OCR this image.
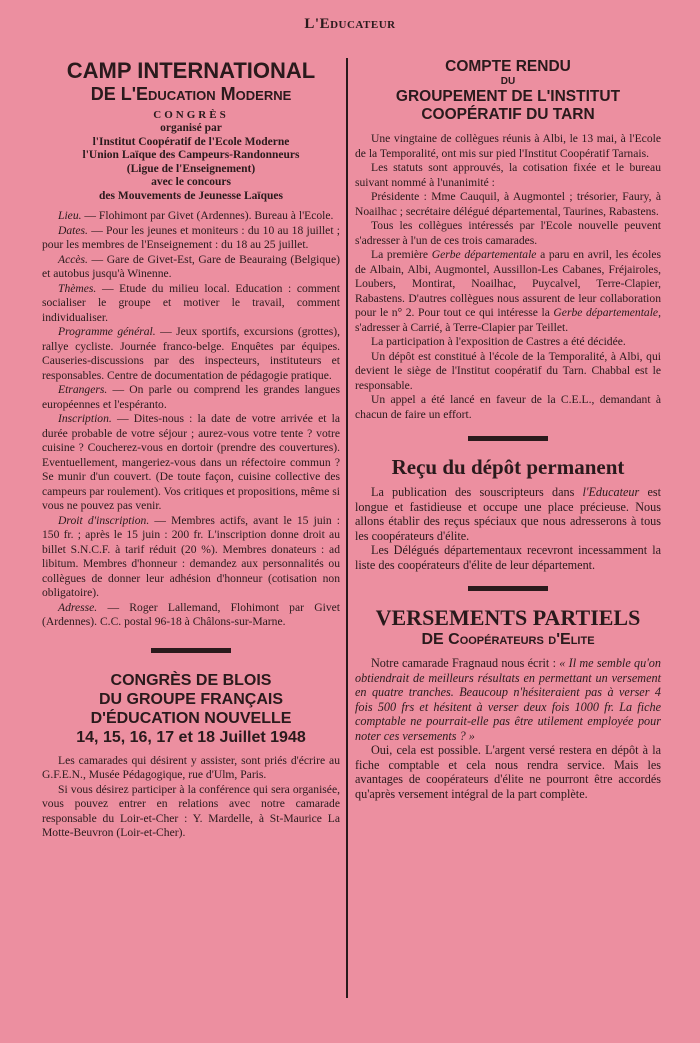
L'Educateur
CAMP INTERNATIONAL
DE L'Education Moderne
CONGRÈS
organisé par
l'Institut Coopératif de l'Ecole Moderne
l'Union Laïque des Campeurs-Randonneurs
(Ligue de l'Enseignement)
avec le concours
des Mouvements de Jeunesse Laïques

Lieu. — Flohimont par Givet (Ardennes). Bureau à l'Ecole.

Dates. — Pour les jeunes et moniteurs : du 10 au 18 juillet ; pour les membres de l'Enseignement : du 18 au 25 juillet.

Accès. — Gare de Givet-Est, Gare de Beauraing (Belgique) et autobus jusqu'à Winenne.

Thèmes. — Etude du milieu local. Education : comment socialiser le groupe et motiver le travail, comment individualiser.

Programme général. — Jeux sportifs, excursions (grottes), rallye cycliste. Journée franco-belge. Enquêtes par équipes. Causeries-discussions par des inspecteurs, instituteurs et responsables. Centre de documentation de pédagogie pratique.

Etrangers. — On parle ou comprend les grandes langues européennes et l'espéranto.

Inscription. — Dites-nous : la date de votre arrivée et la durée probable de votre séjour ; aurez-vous votre tente ? votre cuisine ? Coucherez-vous en dortoir (prendre des couvertures). Eventuellement, mangeriez-vous dans un réfectoire commun ? Se munir d'un couvert. (De toute façon, cuisine collective des campeurs par roulement). Vos critiques et propositions, même si vous ne pouvez pas venir.

Droit d'inscription. — Membres actifs, avant le 15 juin : 150 fr. ; après le 15 juin : 200 fr. L'inscription donne droit au billet S.N.C.F. à tarif réduit (20 %). Membres donateurs : ad libitum. Membres d'honneur : demandez aux personnalités ou collègues de donner leur adhésion d'honneur (cotisation non obligatoire).

Adresse. — Roger Lallemand, Flohimont par Givet (Ardennes). C.C. postal 96-18 à Châlons-sur-Marne.

CONGRÈS DE BLOIS
DU GROUPE FRANÇAIS
D'ÉDUCATION NOUVELLE
14, 15, 16, 17 et 18 Juillet 1948

Les camarades qui désirent y assister, sont priés d'écrire au G.F.E.N., Musée Pédagogique, rue d'Ulm, Paris.

Si vous désirez participer à la conférence qui sera organisée, vous pouvez entrer en relations avec notre camarade responsable du Loir-et-Cher : Y. Mardelle, à St-Maurice La Motte-Beuvron (Loir-et-Cher).

COMPTE RENDU
DU
GROUPEMENT DE L'INSTITUT
COOPÉRATIF DU TARN

Une vingtaine de collègues réunis à Albi, le 13 mai, à l'Ecole de la Temporalité, ont mis sur pied l'Institut Coopératif Tarnais.

Les statuts sont approuvés, la cotisation fixée et le bureau suivant nommé à l'unanimité :

Présidente : Mme Cauquil, à Augmontel ; trésorier, Faury, à Noailhac ; secrétaire délégué départemental, Taurines, Rabastens.

Tous les collègues intéressés par l'Ecole nouvelle peuvent s'adresser à l'un de ces trois camarades.

La première Gerbe départementale a paru en avril, les écoles de Albain, Albi, Augmontel, Aussillon-Les Cabanes, Fréjairoles, Loubers, Montirat, Noailhac, Puycalvel, Terre-Clapier, Rabastens. D'autres collègues nous assurent de leur collaboration pour le n° 2. Pour tout ce qui intéresse la Gerbe départementale, s'adresser à Carrié, à Terre-Clapier par Teillet.

La participation à l'exposition de Castres a été décidée.

Un dépôt est constitué à l'école de la Temporalité, à Albi, qui devient le siège de l'Institut coopératif du Tarn. Chabbal est le responsable.

Un appel a été lancé en faveur de la C.E.L., demandant à chacun de faire un effort.

Reçu du dépôt permanent

La publication des souscripteurs dans l'Educateur est longue et fastidieuse et occupe une place précieuse. Nous allons établir des reçus spéciaux que nous adresserons à tous les coopérateurs d'élite.

Les Délégués départementaux recevront incessamment la liste des coopérateurs d'élite de leur département.

VERSEMENTS PARTIELS
DE Coopérateurs d'Elite

Notre camarade Fragnaud nous écrit : « Il me semble qu'on obtiendrait de meilleurs résultats en permettant un versement en quatre tranches. Beaucoup n'hésiteraient pas à verser 4 fois 500 frs et hésitent à verser deux fois 1000 fr. La fiche comptable ne pourrait-elle pas être utilement employée pour noter ces versements ? »

Oui, cela est possible. L'argent versé restera en dépôt à la fiche comptable et cela nous rendra service. Mais les avantages de coopérateurs d'élite ne pourront être accordés qu'après versement intégral de la part complète.
